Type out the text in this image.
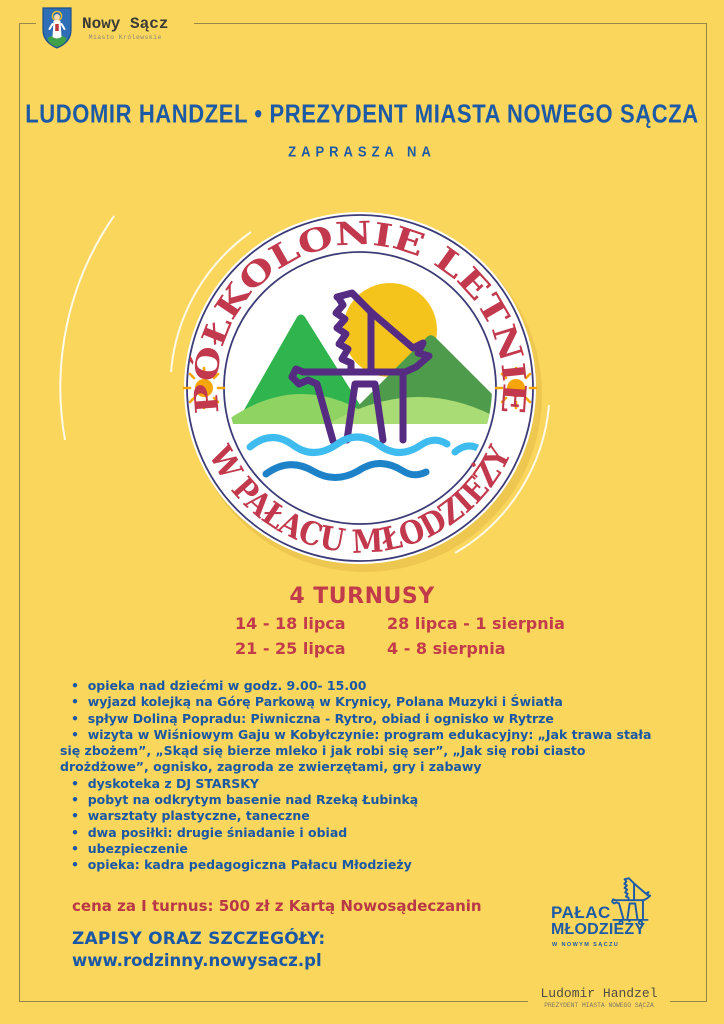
Nowy Sącz
Miasto Królewskie
LUDOMIR HANDZEL • PREZYDENT MIASTA NOWEGO SĄCZA
ZAPRASZA NA
PÓŁKOLONIE LETNIE
W PAŁACU MŁODZIEŻY
4 TURNUSY
14 - 18 lipca	28 lipca - 1 sierpnia
21 - 25 lipca	4 - 8 sierpnia
•  opieka nad dziećmi w godz. 9.00- 15.00
•  wyjazd kolejką na Górę Parkową w Krynicy, Polana Muzyki i Światła
•  spływ Doliną Popradu: Piwniczna - Rytro, obiad i ognisko w Rytrze
•  wizyta w Wiśniowym Gaju w Kobyłczynie: program edukacyjny: „Jak trawa stała się zbożem”, „Skąd się bierze mleko i jak robi się ser”, „Jak się robi ciasto drożdżowe”, ognisko, zagroda ze zwierzętami, gry i zabawy
•  dyskoteka z DJ STARSKY
•  pobyt na odkrytym basenie nad Rzeką Łubinką
•  warsztaty plastyczne, taneczne
•  dwa posiłki: drugie śniadanie i obiad
•  ubezpieczenie
•  opieka: kadra pedagogiczna Pałacu Młodzieży
cena za I turnus: 500 zł z Kartą Nowosądeczanin
ZAPISY ORAZ SZCZEGÓŁY:
www.rodzinny.nowysacz.pl
PAŁAC
MŁODZIEŻY
W NOWYM SĄCZU
Ludomir Handzel
PREZYDENT MIASTA NOWEGO SĄCZA
